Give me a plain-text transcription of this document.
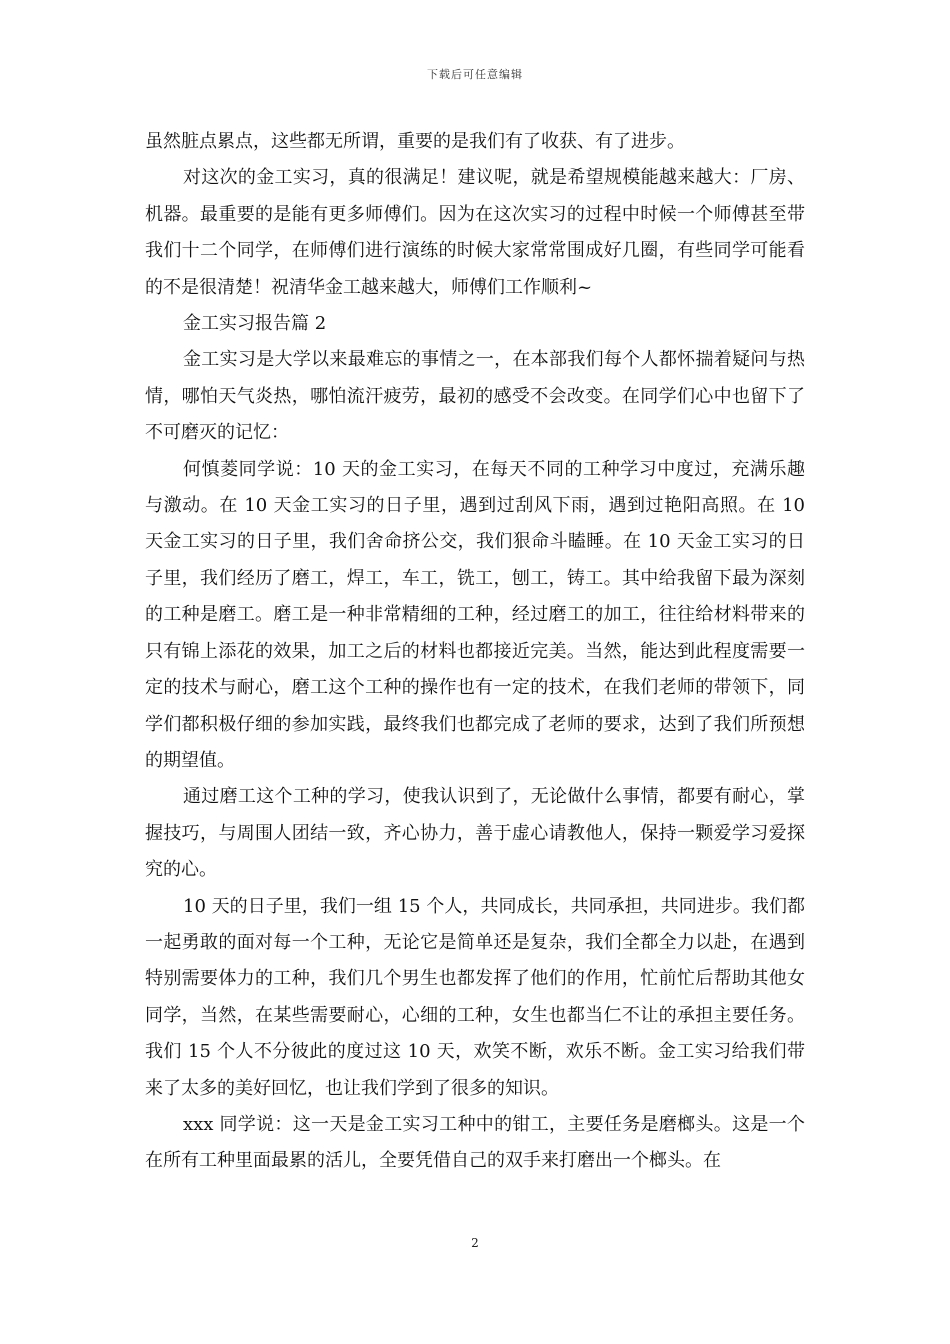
下载后可任意编辑

虽然脏点累点，这些都无所谓，重要的是我们有了收获、有了进步。

对这次的金工实习，真的很满足！建议呢，就是希望规模能越来越大：厂房、机器。最重要的是能有更多师傅们。因为在这次实习的过程中时候一个师傅甚至带我们十二个同学，在师傅们进行演练的时候大家常常围成好几圈，有些同学可能看的不是很清楚！祝清华金工越来越大，师傅们工作顺利~

金工实习报告篇 2

金工实习是大学以来最难忘的事情之一，在本部我们每个人都怀揣着疑问与热情，哪怕天气炎热，哪怕流汗疲劳，最初的感受不会改变。在同学们心中也留下了不可磨灭的记忆：

何慎菱同学说：10 天的金工实习，在每天不同的工种学习中度过，充满乐趣与激动。在 10 天金工实习的日子里，遇到过刮风下雨，遇到过艳阳高照。在 10 天金工实习的日子里，我们舍命挤公交，我们狠命斗瞌睡。在 10 天金工实习的日子里，我们经历了磨工，焊工，车工，铣工，刨工，铸工。其中给我留下最为深刻的工种是磨工。磨工是一种非常精细的工种，经过磨工的加工，往往给材料带来的只有锦上添花的效果，加工之后的材料也都接近完美。当然，能达到此程度需要一定的技术与耐心，磨工这个工种的操作也有一定的技术，在我们老师的带领下，同学们都积极仔细的参加实践，最终我们也都完成了老师的要求，达到了我们所预想的期望值。

通过磨工这个工种的学习，使我认识到了，无论做什么事情，都要有耐心，掌握技巧，与周围人团结一致，齐心协力，善于虚心请教他人，保持一颗爱学习爱探究的心。

10 天的日子里，我们一组 15 个人，共同成长，共同承担，共同进步。我们都一起勇敢的面对每一个工种，无论它是简单还是复杂，我们全都全力以赴，在遇到特别需要体力的工种，我们几个男生也都发挥了他们的作用，忙前忙后帮助其他女同学，当然，在某些需要耐心，心细的工种，女生也都当仁不让的承担主要任务。我们 15 个人不分彼此的度过这 10 天，欢笑不断，欢乐不断。金工实习给我们带来了太多的美好回忆，也让我们学到了很多的知识。

xxx 同学说：这一天是金工实习工种中的钳工，主要任务是磨榔头。这是一个在所有工种里面最累的活儿，全要凭借自己的双手来打磨出一个榔头。在

2
